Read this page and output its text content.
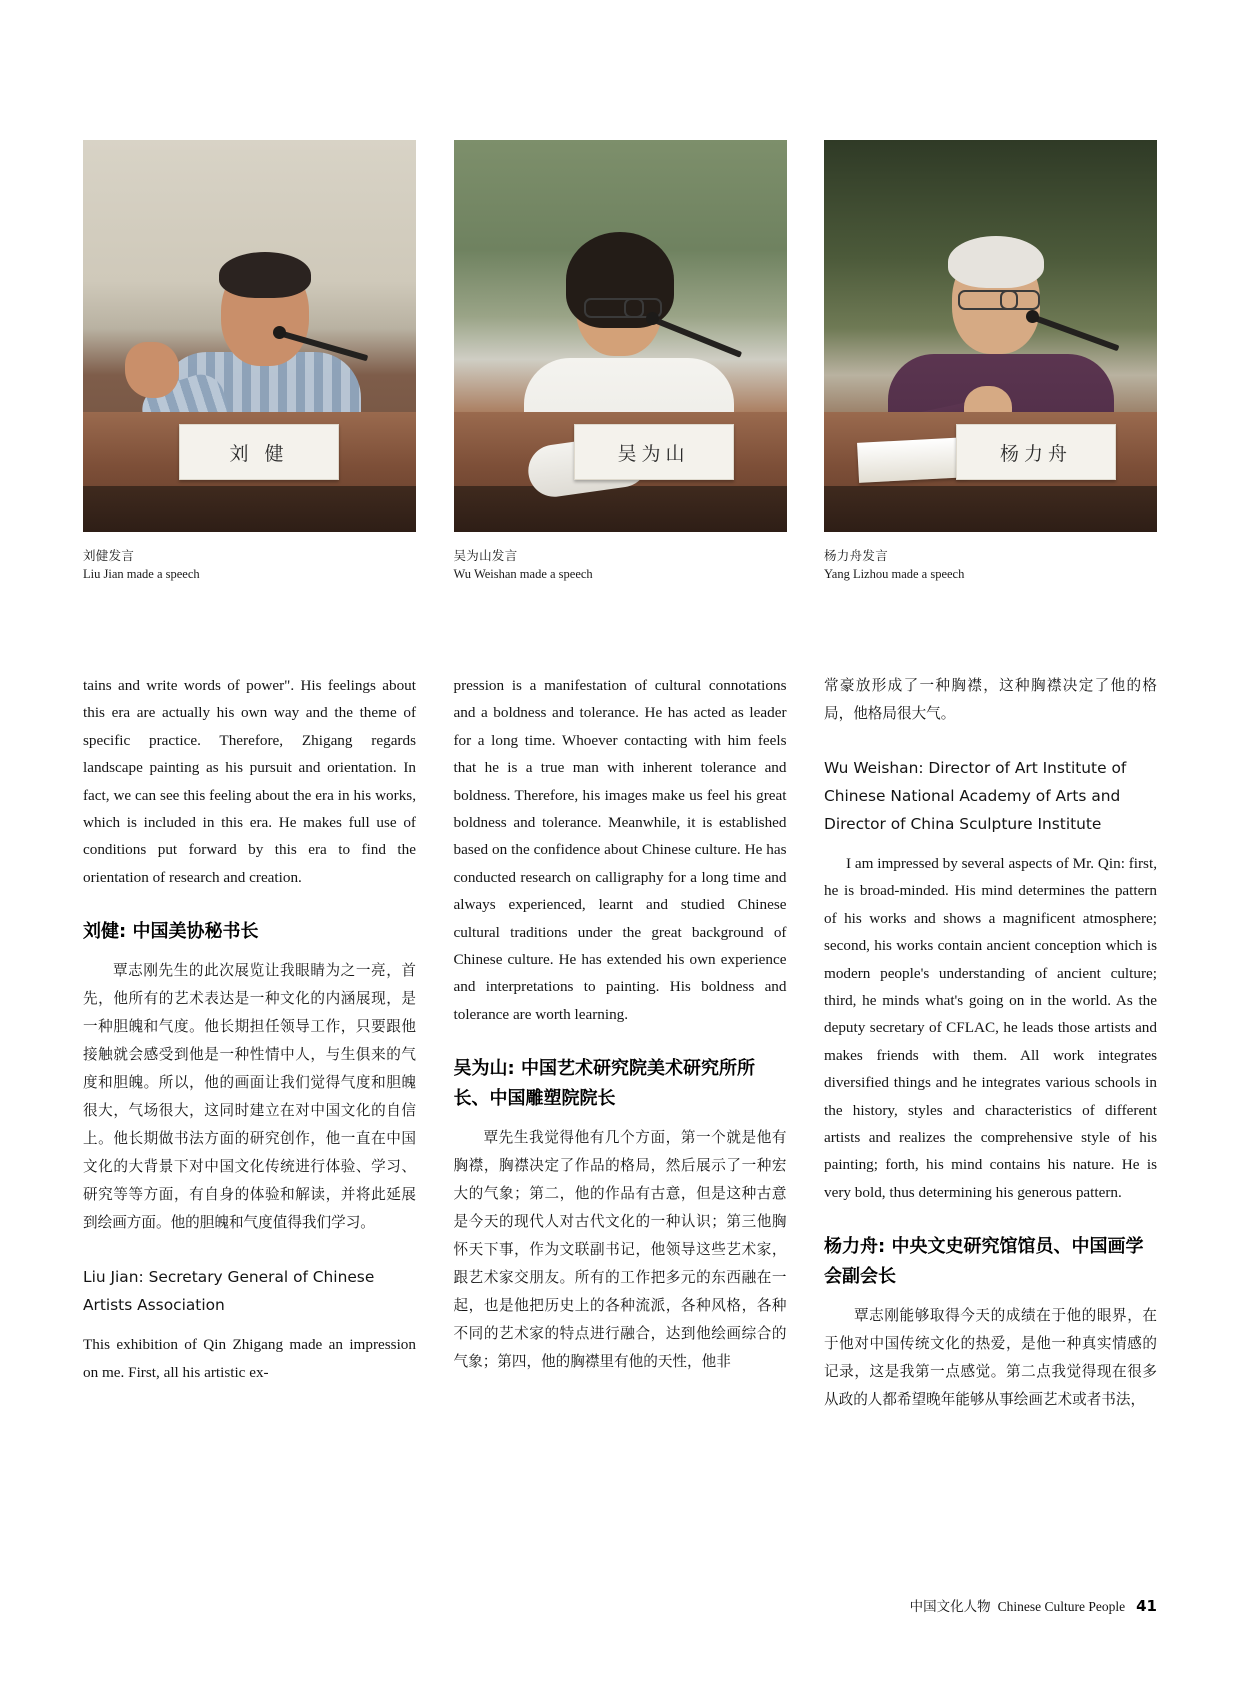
刘 健
刘健发言
Liu Jian made a speech
吴为山
吴为山发言
Wu Weishan made a speech
杨力舟
杨力舟发言
Yang Lizhou made a speech

tains and write words of power". His feelings about this era are actually his own way and the theme of specific practice. Therefore, Zhigang regards landscape painting as his pursuit and orientation. In fact, we can see this feeling about the era in his works, which is included in this era. He makes full use of conditions put forward by this era to find the orientation of research and creation.

刘健: 中国美协秘书长

覃志刚先生的此次展览让我眼睛为之一亮，首先，他所有的艺术表达是一种文化的内涵展现，是一种胆魄和气度。他长期担任领导工作，只要跟他接触就会感受到他是一种性情中人，与生俱来的气度和胆魄。所以，他的画面让我们觉得气度和胆魄很大，气场很大，这同时建立在对中国文化的自信上。他长期做书法方面的研究创作，他一直在中国文化的大背景下对中国文化传统进行体验、学习、研究等等方面，有自身的体验和解读，并将此延展到绘画方面。他的胆魄和气度值得我们学习。

Liu Jian: Secretary General of Chinese Artists Association

This exhibition of Qin Zhigang made an impression on me. First, all his artistic ex-

pression is a manifestation of cultural connotations and a boldness and tolerance. He has acted as leader for a long time. Whoever contacting with him feels that he is a true man with inherent tolerance and boldness. Therefore, his images make us feel his great boldness and tolerance. Meanwhile, it is established based on the confidence about Chinese culture. He has conducted research on calligraphy for a long time and always experienced, learnt and studied Chinese cultural traditions under the great background of Chinese culture. He has extended his own experience and interpretations to painting. His boldness and tolerance are worth learning.

吴为山: 中国艺术研究院美术研究所所长、中国雕塑院院长

覃先生我觉得他有几个方面，第一个就是他有胸襟，胸襟决定了作品的格局，然后展示了一种宏大的气象；第二，他的作品有古意，但是这种古意是今天的现代人对古代文化的一种认识；第三他胸怀天下事，作为文联副书记，他领导这些艺术家，跟艺术家交朋友。所有的工作把多元的东西融在一起，也是他把历史上的各种流派，各种风格，各种不同的艺术家的特点进行融合，达到他绘画综合的气象；第四，他的胸襟里有他的天性，他非

常豪放形成了一种胸襟，这种胸襟决定了他的格局，他格局很大气。

Wu Weishan: Director of Art Institute of Chinese National Academy of Arts and Director of China Sculpture Institute

I am impressed by several aspects of Mr. Qin: first, he is broad-minded. His mind determines the pattern of his works and shows a magnificent atmosphere; second, his works contain ancient conception which is modern people's understanding of ancient culture; third, he minds what's going on in the world. As the deputy secretary of CFLAC, he leads those artists and makes friends with them. All work integrates diversified things and he integrates various schools in the history, styles and characteristics of different artists and realizes the comprehensive style of his painting; forth, his mind contains his nature. He is very bold, thus determining his generous pattern.

杨力舟: 中央文史研究馆馆员、中国画学会副会长

覃志刚能够取得今天的成绩在于他的眼界，在于他对中国传统文化的热爱，是他一种真实情感的记录，这是我第一点感觉。第二点我觉得现在很多从政的人都希望晚年能够从事绘画艺术或者书法，

中国文化人物 Chinese Culture People 41
